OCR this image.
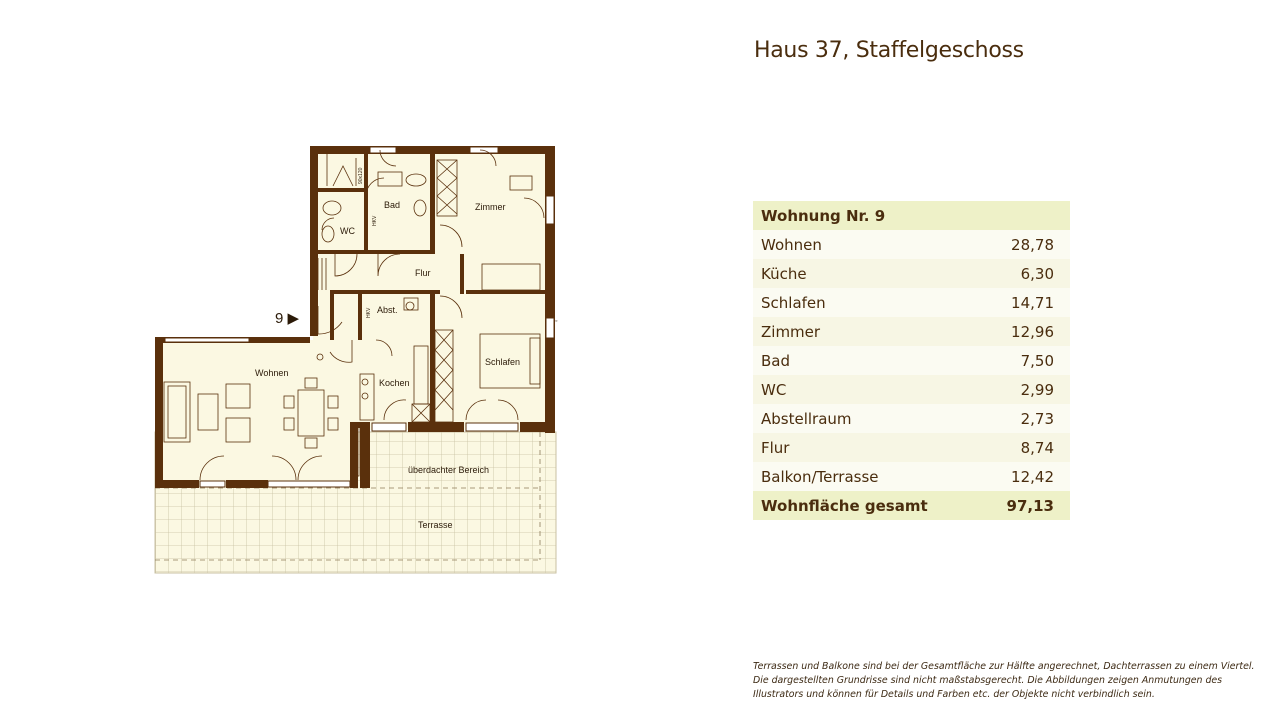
Haus 37, Staffelgeschoss
Bad	Zimmer
WC
Flur
Abst.
Wohnen
Kochen
Schlafen
überdachter Bereich
Terrasse
90x120
HKV
HKV
◦
9 ▶
Wohnung Nr. 9	
Wohnen	28,78
Küche	6,30
Schlafen	14,71
Zimmer	12,96
Bad	7,50
WC	2,99
Abstellraum	2,73
Flur	8,74
Balkon/Terrasse	12,42
Wohnfläche gesamt	97,13
Terrassen und Balkone sind bei der Gesamtfläche zur Hälfte angerechnet, Dachterrassen zu einem Viertel.
Die dargestellten Grundrisse sind nicht maßstabsgerecht. Die Abbildungen zeigen Anmutungen des
Illustrators und können für Details und Farben etc. der Objekte nicht verbindlich sein.
